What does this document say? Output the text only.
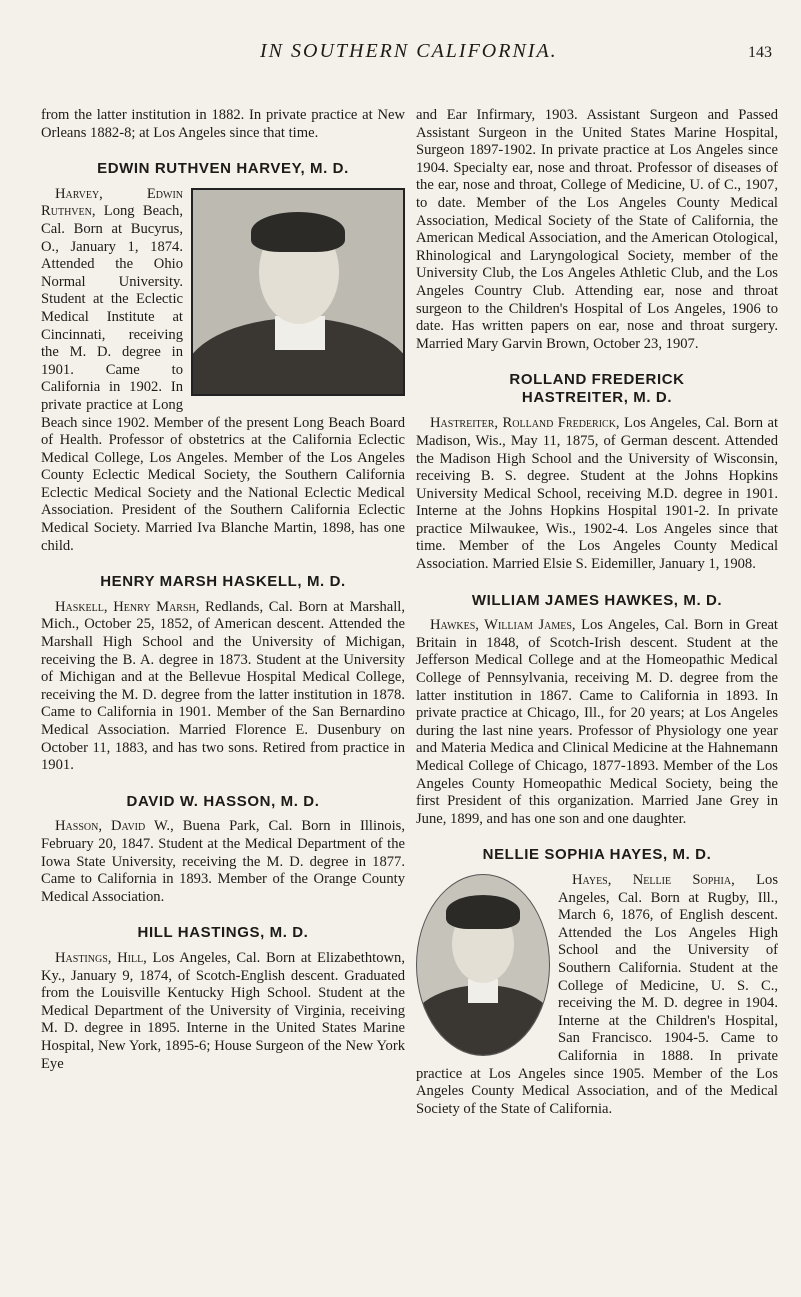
IN SOUTHERN CALIFORNIA.	143

from the latter institution in 1882. In private practice at New Orleans 1882-8; at Los Angeles since that time.

EDWIN RUTHVEN HARVEY, M. D.

Harvey, Edwin Ruthven, Long Beach, Cal. Born at Bucyrus, O., January 1, 1874. Attended the Ohio Normal University. Student at the Eclectic Medical Institute at Cincinnati, receiving the M. D. degree in 1901. Came to California in 1902. In private practice at Long Beach since 1902. Member of the present Long Beach Board of Health. Professor of obstetrics at the California Eclectic Medical College, Los Angeles. Member of the Los Angeles County Eclectic Medical Society, the Southern California Eclectic Medical Society and the National Eclectic Medical Association. President of the Southern California Eclectic Medical Society. Married Iva Blanche Martin, 1898, has one child.

HENRY MARSH HASKELL, M. D.

Haskell, Henry Marsh, Redlands, Cal. Born at Marshall, Mich., October 25, 1852, of American descent. Attended the Marshall High School and the University of Michigan, receiving the B. A. degree in 1873. Student at the University of Michigan and at the Bellevue Hospital Medical College, receiving the M. D. degree from the latter institution in 1878. Came to California in 1901. Member of the San Bernardino Medical Association. Married Florence E. Dusenbury on October 11, 1883, and has two sons. Retired from practice in 1901.

DAVID W. HASSON, M. D.

Hasson, David W., Buena Park, Cal. Born in Illinois, February 20, 1847. Student at the Medical Department of the Iowa State University, receiving the M. D. degree in 1877. Came to California in 1893. Member of the Orange County Medical Association.

HILL HASTINGS, M. D.

Hastings, Hill, Los Angeles, Cal. Born at Elizabethtown, Ky., January 9, 1874, of Scotch-English descent. Graduated from the Louisville Kentucky High School. Student at the Medical Department of the University of Virginia, receiving M. D. degree in 1895. Interne in the United States Marine Hospital, New York, 1895-6; House Surgeon of the New York Eye

and Ear Infirmary, 1903. Assistant Surgeon and Passed Assistant Surgeon in the United States Marine Hospital, Surgeon 1897-1902. In private practice at Los Angeles since 1904. Specialty ear, nose and throat. Professor of diseases of the ear, nose and throat, College of Medicine, U. of C., 1907, to date. Member of the Los Angeles County Medical Association, Medical Society of the State of California, the American Medical Association, and the American Otological, Rhinological and Laryngological Society, member of the University Club, the Los Angeles Athletic Club, and the Los Angeles Country Club. Attending ear, nose and throat surgeon to the Children's Hospital of Los Angeles, 1906 to date. Has written papers on ear, nose and throat surgery. Married Mary Garvin Brown, October 23, 1907.

ROLLAND FREDERICK
HASTREITER, M. D.

Hastreiter, Rolland Frederick, Los Angeles, Cal. Born at Madison, Wis., May 11, 1875, of German descent. Attended the Madison High School and the University of Wisconsin, receiving B. S. degree. Student at the Johns Hopkins University Medical School, receiving M.D. degree in 1901. Interne at the Johns Hopkins Hospital 1901-2. In private practice Milwaukee, Wis., 1902-4. Los Angeles since that time. Member of the Los Angeles County Medical Association. Married Elsie S. Eidemiller, January 1, 1908.

WILLIAM JAMES HAWKES, M. D.

Hawkes, William James, Los Angeles, Cal. Born in Great Britain in 1848, of Scotch-Irish descent. Student at the Jefferson Medical College and at the Homeopathic Medical College of Pennsylvania, receiving M. D. degree from the latter institution in 1867. Came to California in 1893. In private practice at Chicago, Ill., for 20 years; at Los Angeles during the last nine years. Professor of Physiology one year and Materia Medica and Clinical Medicine at the Hahnemann Medical College of Chicago, 1877-1893. Member of the Los Angeles County Homeopathic Medical Society, being the first President of this organization. Married Jane Grey in June, 1899, and has one son and one daughter.

NELLIE SOPHIA HAYES, M. D.

Hayes, Nellie Sophia, Los Angeles, Cal. Born at Rugby, Ill., March 6, 1876, of English descent. Attended the Los Angeles High School and the University of Southern California. Student at the College of Medicine, U. S. C., receiving the M. D. degree in 1904. Interne at the Children's Hospital, San Francisco. 1904-5. Came to California in 1888. In private practice at Los Angeles since 1905. Member of the Los Angeles County Medical Association, and of the Medical Society of the State of California.
